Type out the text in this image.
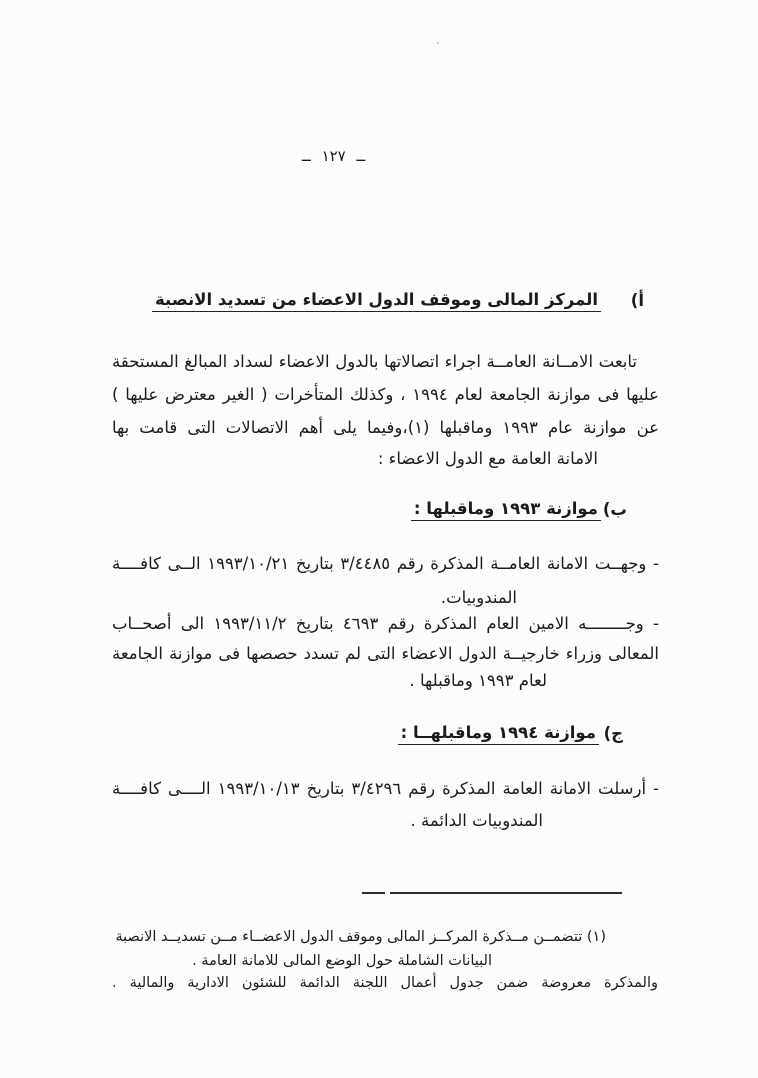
ــ ١٢٧ ــ
أ)
المركز المالى وموقف الدول الاعضاء من تسديد الانصبة
تابعت الامــانة العامــة اجراء اتصالاتها بالدول الاعضاء لسداد المبالغ المستحقة
عليها فى موازنة الجامعة لعام ١٩٩٤ ، وكذلك المتأخرات ( الغير معترض عليها )
عن موازنة عام ١٩٩٣ وماقبلها (١)،وفيما يلى أهم الاتصالات التى قامت بها
الامانة العامة مع الدول الاعضاء :
ب)
موازنة ١٩٩٣ وماقبلها :
- وجهــت الامانة العامــة المذكرة رقم ٣/٤٤٨٥ بتاريخ ١٩٩٣/١٠/٢١ الــى كافــــة
المندوبيات.
- وجــــــــه الامين العام المذكرة رقم ٤٦٩٣ بتاريخ ١٩٩٣/١١/٢ الى أصحــاب
المعالى وزراء خارجيــة الدول الاعضاء التى لم تسدد حصصها فى موازنة الجامعة
لعام ١٩٩٣ وماقبلها .
ج)
موازنة ١٩٩٤ وماقبلهــا :
- أرسلت الامانة العامة المذكرة رقم ٣/٤٢٩٦ بتاريخ ١٩٩٣/١٠/١٣ الــــى كافــــة
المندوبيات الدائمة .
(١) تتضمــن مــذكرة المركــز المالى وموقف الدول الاعضــاء مــن تسديــد الانصبة
البيانات الشاملة حول الوضع المالى للامانة العامة .
والمذكرة معروضة ضمن جدول أعمال اللجنة الدائمة للشئون الادارية والمالية .
